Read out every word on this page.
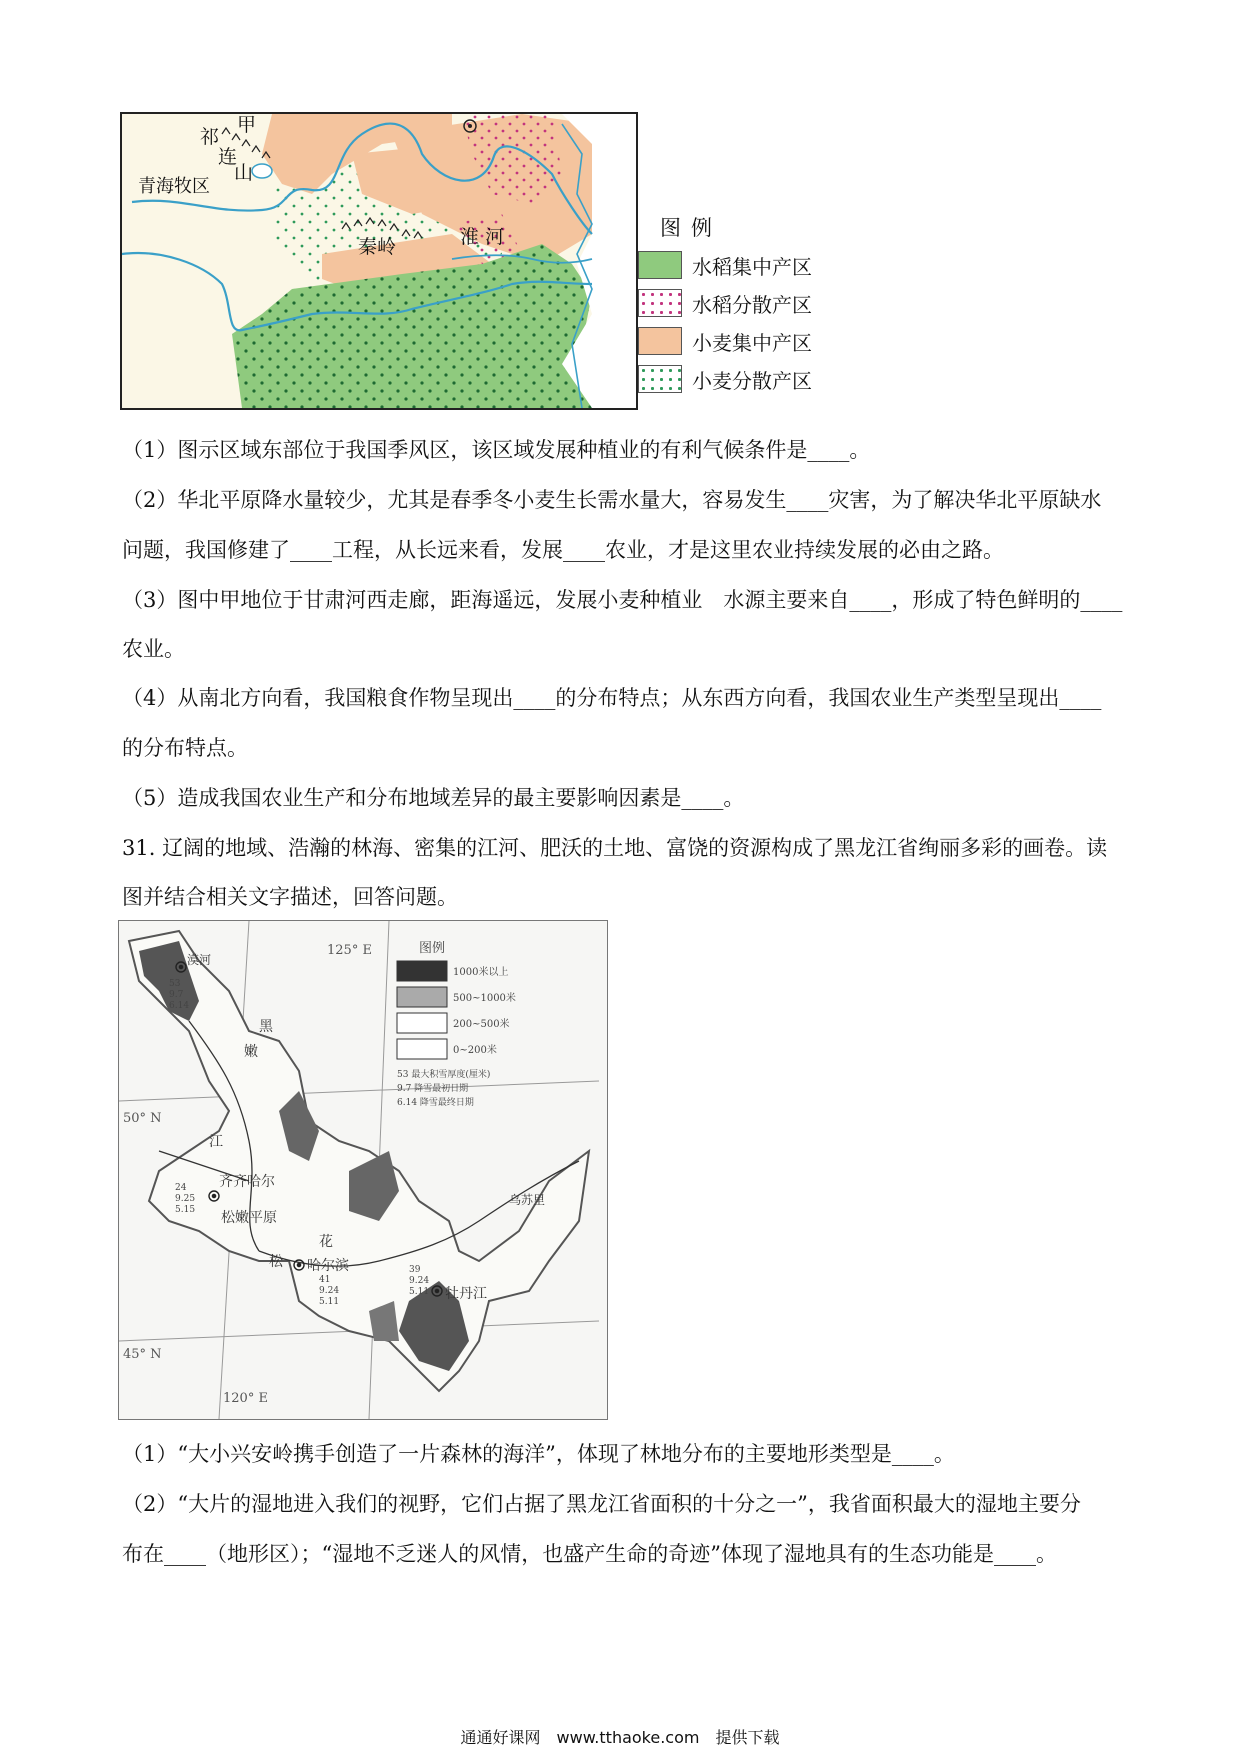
甲
祁
连
山
青海牧区
秦岭	淮 河	图例
水稻集中产区
水稻分散产区
小麦集中产区
小麦分散产区
（1）图示区域东部位于我国季风区，该区域发展种植业的有利气候条件是____。
（2）华北平原降水量较少，尤其是春季冬小麦生长需水量大，容易发生____灾害，为了解决华北平原缺水
问题，我国修建了____工程，从长远来看，发展____农业，才是这里农业持续发展的必由之路。
（3）图中甲地位于甘肃河西走廊，距海遥远，发展小麦种植业　水源主要来自____，形成了特色鲜明的____
农业。
（4）从南北方向看，我国粮食作物呈现出____的分布特点；从东西方向看，我国农业生产类型呈现出____
的分布特点。
（5）造成我国农业生产和分布地域差异的最主要影响因素是____。
31. 辽阔的地域、浩瀚的林海、密集的江河、肥沃的土地、富饶的资源构成了黑龙江省绚丽多彩的画卷。读
图并结合相关文字描述，回答问题。
125° E
120° E
50° N
45° N
图例
1000米以上
500~1000米
200~500米
0~200米
53 最大积雪厚度(厘米)
9.7 降雪最初日期
6.14 降雪最终日期
漠河
53
9.7
6.14
齐齐哈尔
24
9.25
5.15 松嫩平原
哈尔滨
41
9.24
5.11	牡丹江
39
9.24
5.11
嫩
江
黑
花
松
乌苏里
（1）“大小兴安岭携手创造了一片森林的海洋”，体现了林地分布的主要地形类型是____。
（2）“大片的湿地进入我们的视野，它们占据了黑龙江省面积的十分之一”，我省面积最大的湿地主要分
布在____（地形区）；“湿地不乏迷人的风情，也盛产生命的奇迹”体现了湿地具有的生态功能是____。
通通好课网　www.tthaoke.com　提供下载
